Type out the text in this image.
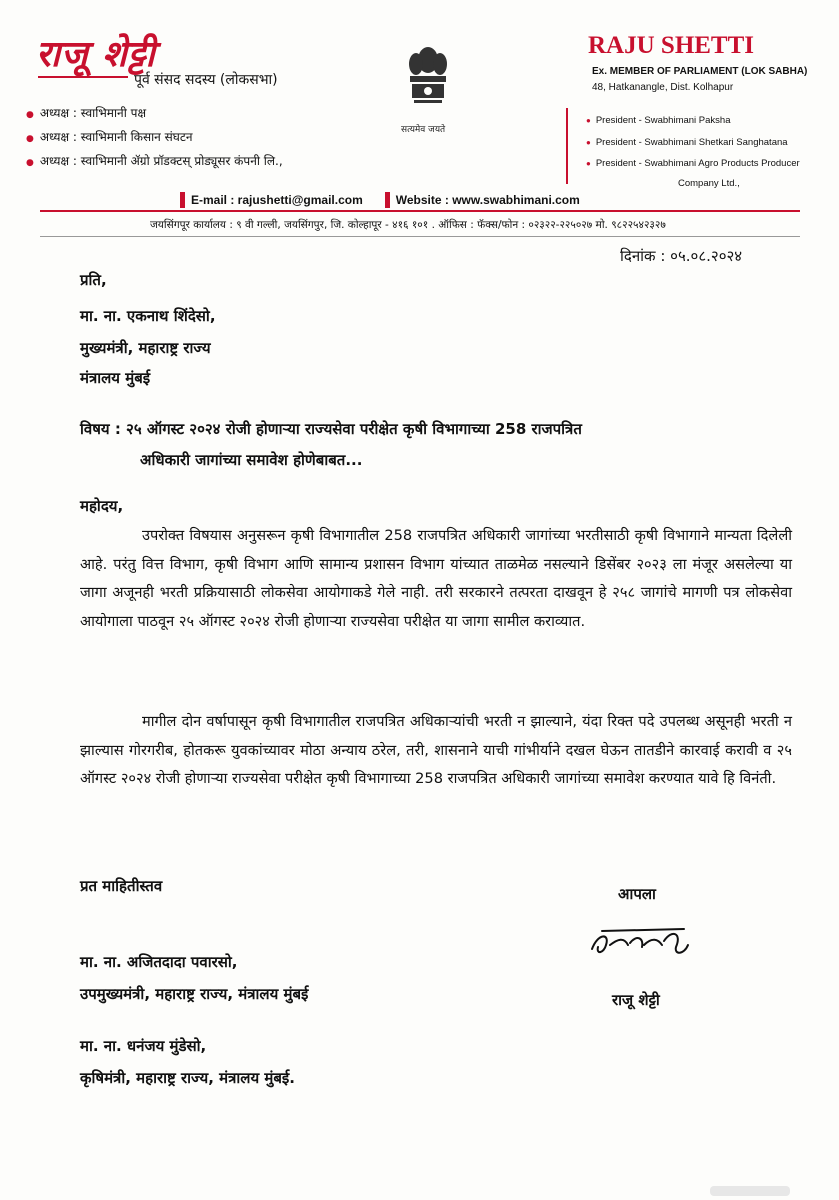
राजू शेट्टी
पूर्व संसद सदस्य (लोकसभा)
● अध्यक्ष : स्वाभिमानी पक्ष
● अध्यक्ष : स्वाभिमानी किसान संघटन
● अध्यक्ष : स्वाभिमानी ॲग्रो प्रॉडक्टस् प्रोड्यूसर कंपनी लि.,
सत्यमेव जयते
RAJU SHETTI
Ex. MEMBER OF PARLIAMENT (LOK SABHA)
48, Hatkanangle, Dist. Kolhapur
● President - Swabhimani Paksha
● President - Swabhimani Shetkari Sanghatana
● President - Swabhimani Agro Products Producer
Company Ltd.,
E-mail : rajushetti@gmail.com	Website : www.swabhimani.com
जयसिंगपूर कार्यालय : ९ वी गल्ली, जयसिंगपुर, जि. कोल्हापूर - ४१६ १०१ . ऑफिस : फॅक्स/फोन : ०२३२२-२२५०२७ मो. ९८२२५४२३२७
दिनांक : ०५.०८.२०२४
प्रति,
मा. ना. एकनाथ शिंदेसो,
मुख्यमंत्री, महाराष्ट्र राज्य
मंत्रालय मुंबई
विषय : २५ ऑगस्ट २०२४ रोजी होणाऱ्या राज्यसेवा परीक्षेत कृषी विभागाच्या 258 राजपत्रित
अधिकारी जागांच्या समावेश होणेबाबत...
महोदय,
उपरोक्त विषयास अनुसरून कृषी विभागातील 258 राजपत्रित अधिकारी जागांच्या भरतीसाठी कृषी विभागाने मान्यता दिलेली आहे. परंतु वित्त विभाग, कृषी विभाग आणि सामान्य प्रशासन विभाग यांच्यात ताळमेळ नसल्याने डिसेंबर २०२३ ला मंजूर असलेल्या या जागा अजूनही भरती प्रक्रियासाठी लोकसेवा आयोगाकडे गेले नाही. तरी सरकारने तत्परता दाखवून हे २५८ जागांचे मागणी पत्र लोकसेवा आयोगाला पाठवून २५ ऑगस्ट २०२४ रोजी होणाऱ्या राज्यसेवा परीक्षेत या जागा सामील कराव्यात.
मागील दोन वर्षापासून कृषी विभागातील राजपत्रित अधिकाऱ्यांची भरती न झाल्याने, यंदा रिक्त पदे उपलब्ध असूनही भरती न झाल्यास गोरगरीब, होतकरू युवकांच्यावर मोठा अन्याय ठरेल, तरी, शासनाने याची गांभीर्याने दखल घेऊन तातडीने कारवाई करावी व २५ ऑगस्ट २०२४ रोजी होणाऱ्या राज्यसेवा परीक्षेत कृषी विभागाच्या 258 राजपत्रित अधिकारी जागांच्या समावेश करण्यात यावे हि विनंती.
प्रत माहितीस्तव	आपला
राजू शेट्टी
मा. ना. अजितदादा पवारसो,
उपमुख्यमंत्री, महाराष्ट्र राज्य, मंत्रालय मुंबई
मा. ना. धनंजय मुंडेसो,
कृषिमंत्री, महाराष्ट्र राज्य, मंत्रालय मुंबई.
